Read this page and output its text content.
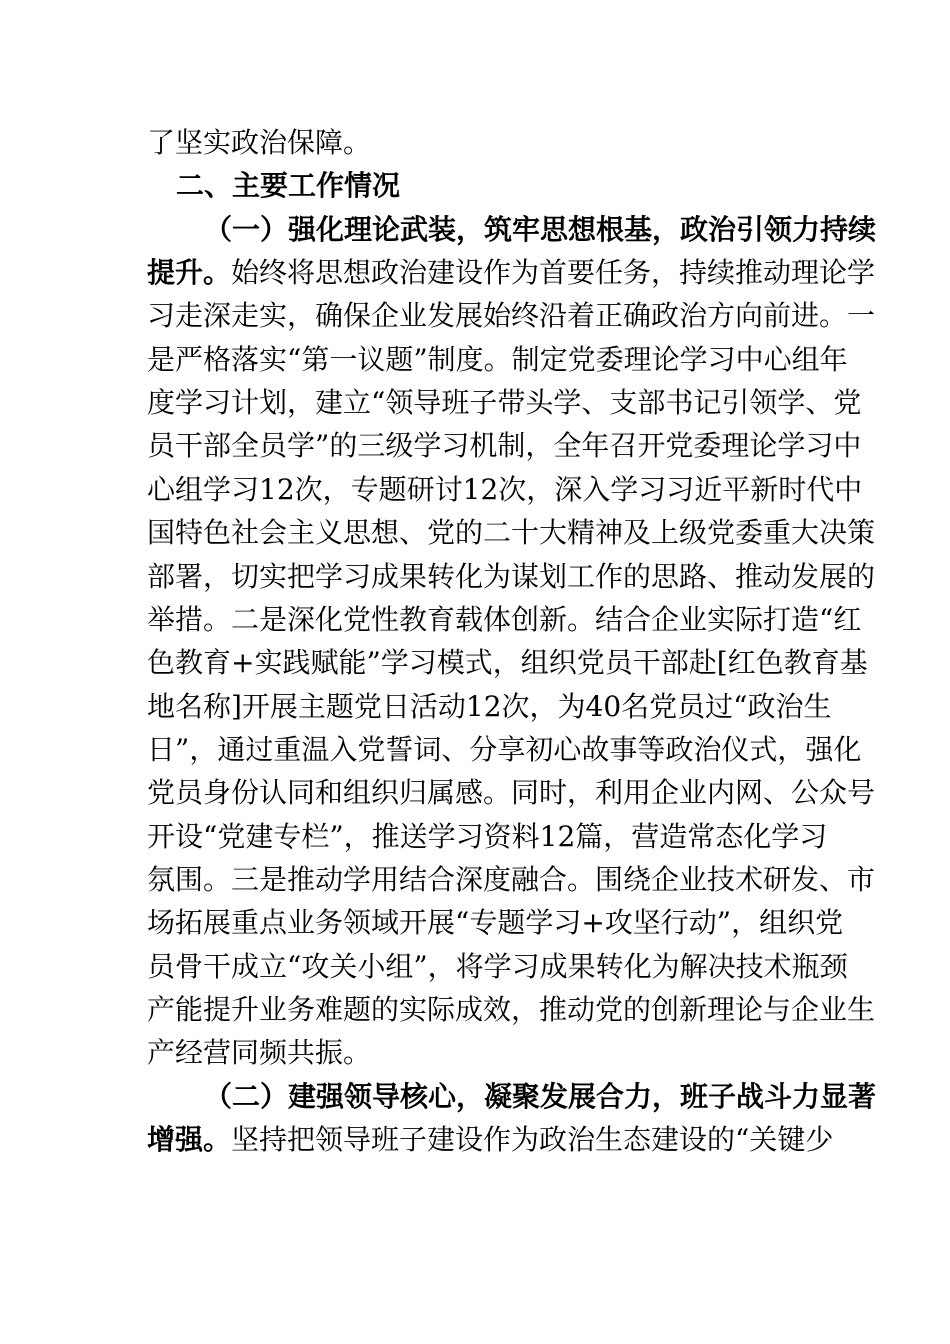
了坚实政治保障。
二、主要工作情况
（一）强化理论武装，筑牢思想根基，政治引领力持续
提升。始终将思想政治建设作为首要任务，持续推动理论学
习走深走实，确保企业发展始终沿着正确政治方向前进。一
是严格落实“第一议题”制度。制定党委理论学习中心组年
度学习计划，建立“领导班子带头学、支部书记引领学、党
员干部全员学”的三级学习机制，全年召开党委理论学习中
心组学习12次，专题研讨12次，深入学习习近平新时代中
国特色社会主义思想、党的二十大精神及上级党委重大决策
部署，切实把学习成果转化为谋划工作的思路、推动发展的
举措。二是深化党性教育载体创新。结合企业实际打造“红
色教育+实践赋能”学习模式，组织党员干部赴[红色教育基
地名称]开展主题党日活动12次，为40名党员过“政治生
日”，通过重温入党誓词、分享初心故事等政治仪式，强化
党员身份认同和组织归属感。同时，利用企业内网、公众号
开设“党建专栏”，推送学习资料12篇，营造常态化学习
氛围。三是推动学用结合深度融合。围绕企业技术研发、市
场拓展重点业务领域开展“专题学习+攻坚行动”，组织党
员骨干成立“攻关小组”，将学习成果转化为解决技术瓶颈
产能提升业务难题的实际成效，推动党的创新理论与企业生
产经营同频共振。
（二）建强领导核心，凝聚发展合力，班子战斗力显著
增强。坚持把领导班子建设作为政治生态建设的“关键少
